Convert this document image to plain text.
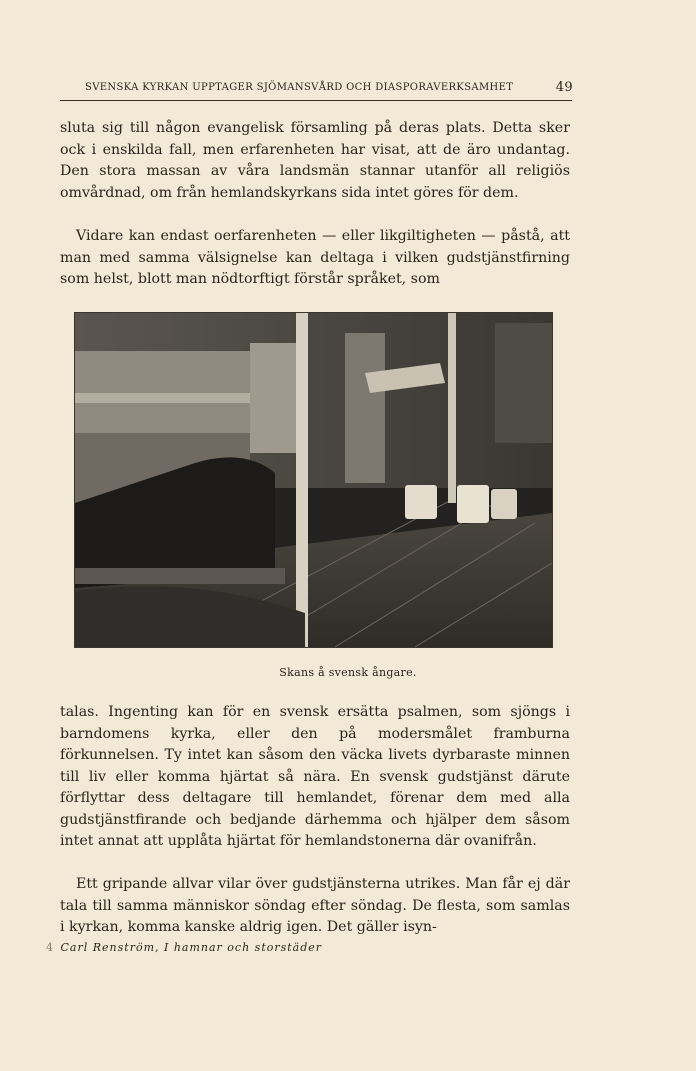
SVENSKA KYRKAN UPPTAGER SJÖMANSVÅRD OCH DIASPORAVERKSAMHET	49

sluta sig till någon evangelisk församling på deras plats. Detta sker ock i enskilda fall, men erfarenheten har visat, att de äro undantag. Den stora massan av våra landsmän stannar utanför all religiös omvårdnad, om från hemlandskyrkans sida intet göres för dem.

Vidare kan endast oerfarenheten — eller likgiltigheten — påstå, att man med samma välsignelse kan deltaga i vilken gudstjänstfirning som helst, blott man nödtorftigt förstår språket, som

Skans å svensk ångare.

talas. Ingenting kan för en svensk ersätta psalmen, som sjöngs i barndomens kyrka, eller den på modersmålet framburna förkunnelsen. Ty intet kan såsom den väcka livets dyrbaraste minnen till liv eller komma hjärtat så nära. En svensk gudstjänst därute förflyttar dess deltagare till hemlandet, förenar dem med alla gudstjänstfirande och bedjande därhemma och hjälper dem såsom intet annat att upplåta hjärtat för hemlandstonerna där ovanifrån.

Ett gripande allvar vilar över gudstjänsterna utrikes. Man får ej där tala till samma människor söndag efter söndag. De flesta, som samlas i kyrkan, komma kanske aldrig igen. Det gäller isyn-

4 Carl Renström, I hamnar och storstäder
